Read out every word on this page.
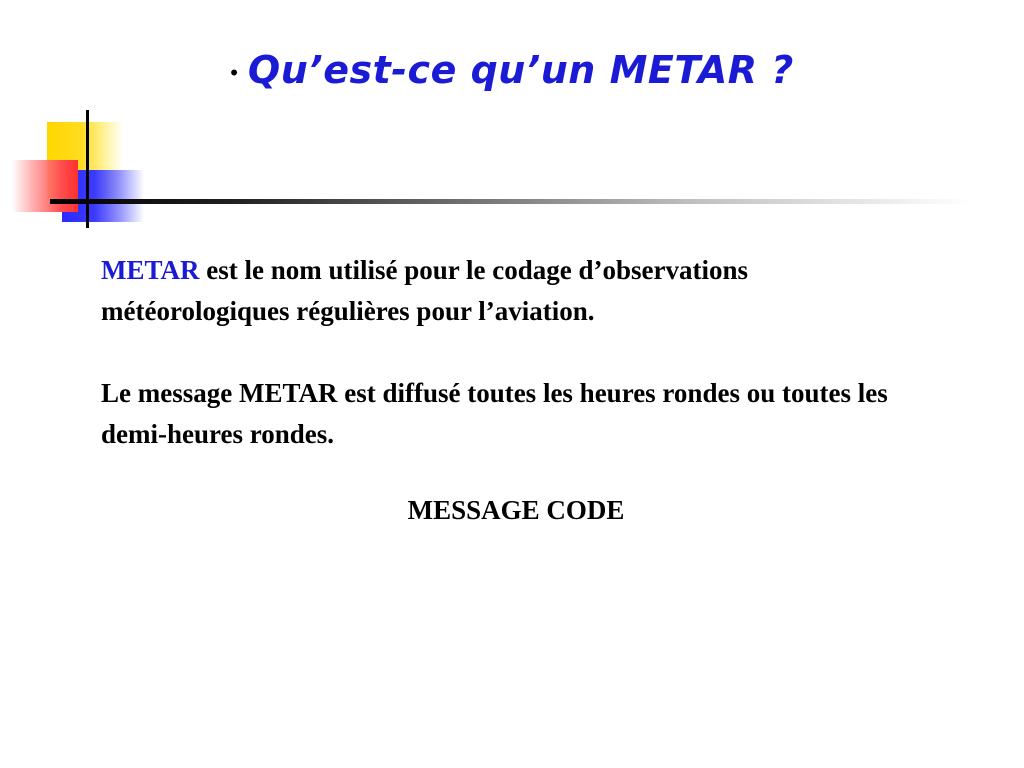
• Qu’est-ce qu’un METAR ?

METAR est le nom utilisé pour le codage d’observations météorologiques régulières pour l’aviation.

Le message METAR est diffusé toutes les heures rondes ou toutes les demi-heures rondes.

MESSAGE CODE
